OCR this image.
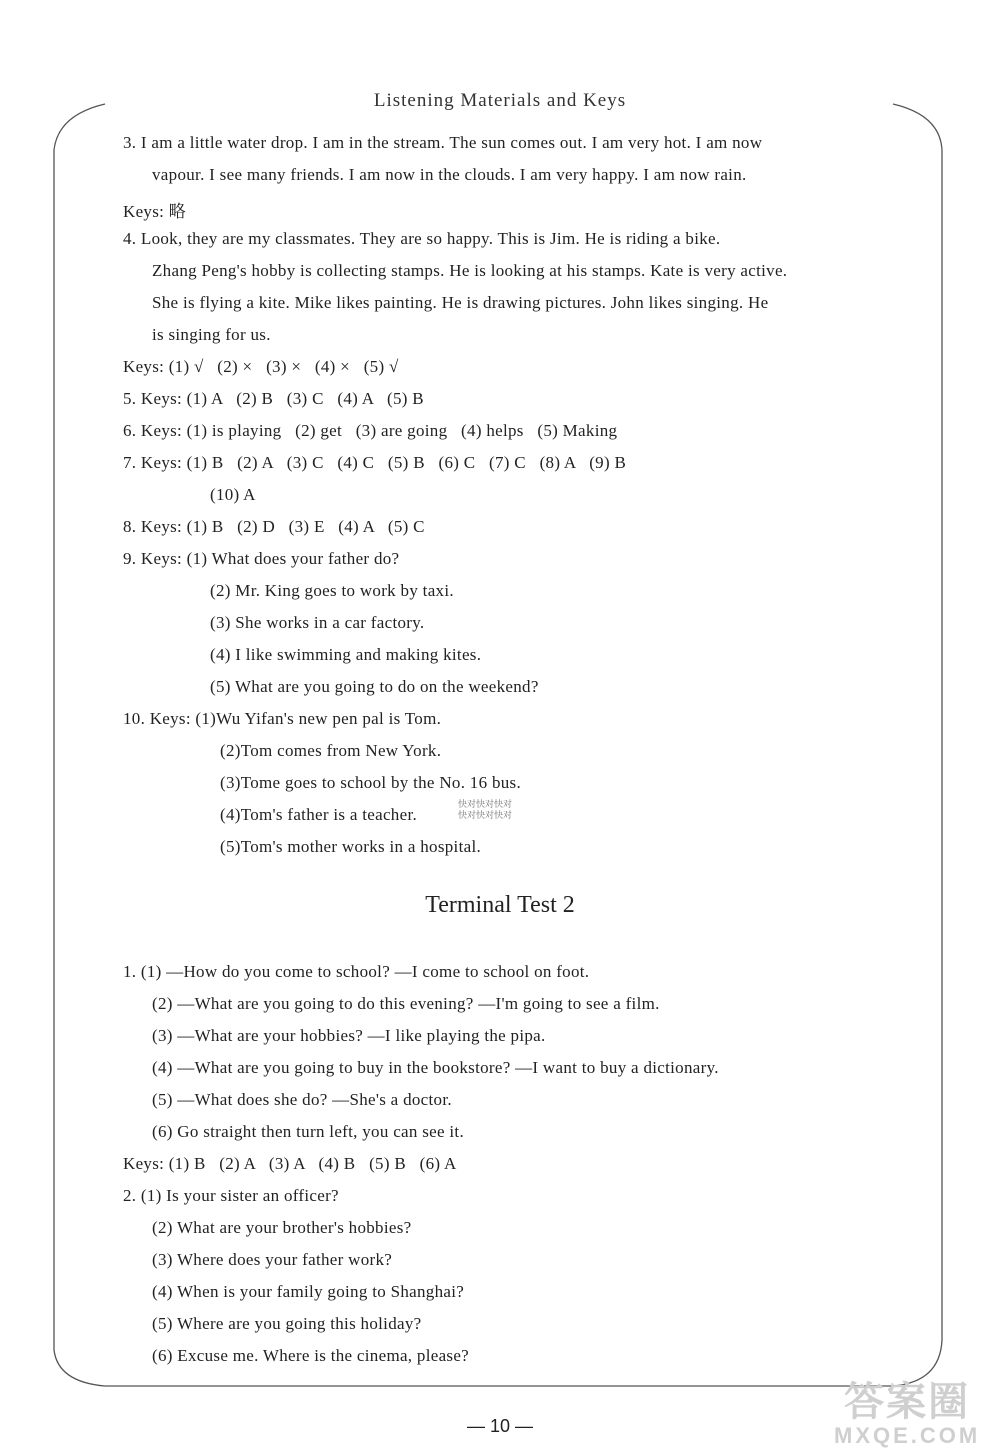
Listening Materials and Keys
3. I am a little water drop. I am in the stream. The sun comes out. I am very hot. I am now
vapour. I see many friends. I am now in the clouds. I am very happy. I am now rain.
Keys: 略
4. Look, they are my classmates. They are so happy. This is Jim. He is riding a bike.
Zhang Peng's hobby is collecting stamps. He is looking at his stamps. Kate is very active.
She is flying a kite. Mike likes painting. He is drawing pictures. John likes singing. He
is singing for us.
Keys: (1) √   (2) ×   (3) ×   (4) ×   (5) √
5. Keys: (1) A   (2) B   (3) C   (4) A   (5) B
6. Keys: (1) is playing   (2) get   (3) are going   (4) helps   (5) Making
7. Keys: (1) B   (2) A   (3) C   (4) C   (5) B   (6) C   (7) C   (8) A   (9) B
(10) A
8. Keys: (1) B   (2) D   (3) E   (4) A   (5) C
9. Keys: (1) What does your father do?
(2) Mr. King goes to work by taxi.
(3) She works in a car factory.
(4) I like swimming and making kites.
(5) What are you going to do on the weekend?
10. Keys: (1)Wu Yifan's new pen pal is Tom.
(2)Tom comes from New York.
(3)Tome goes to school by the No. 16 bus.
(4)Tom's father is a teacher.
(5)Tom's mother works in a hospital.
1. (1) —How do you come to school? —I come to school on foot.
(2) —What are you going to do this evening? —I'm going to see a film.
(3) —What are your hobbies? —I like playing the pipa.
(4) —What are you going to buy in the bookstore? —I want to buy a dictionary.
(5) —What does she do? —She's a doctor.
(6) Go straight then turn left, you can see it.
Keys: (1) B   (2) A   (3) A   (4) B   (5) B   (6) A
2. (1) Is your sister an officer?
(2) What are your brother's hobbies?
(3) Where does your father work?
(4) When is your family going to Shanghai?
(5) Where are you going this holiday?
(6) Excuse me. Where is the cinema, please?
Terminal Test 2
快对快对快对
快对快对快对
答案圈
MXQE.COM
— 10 —
